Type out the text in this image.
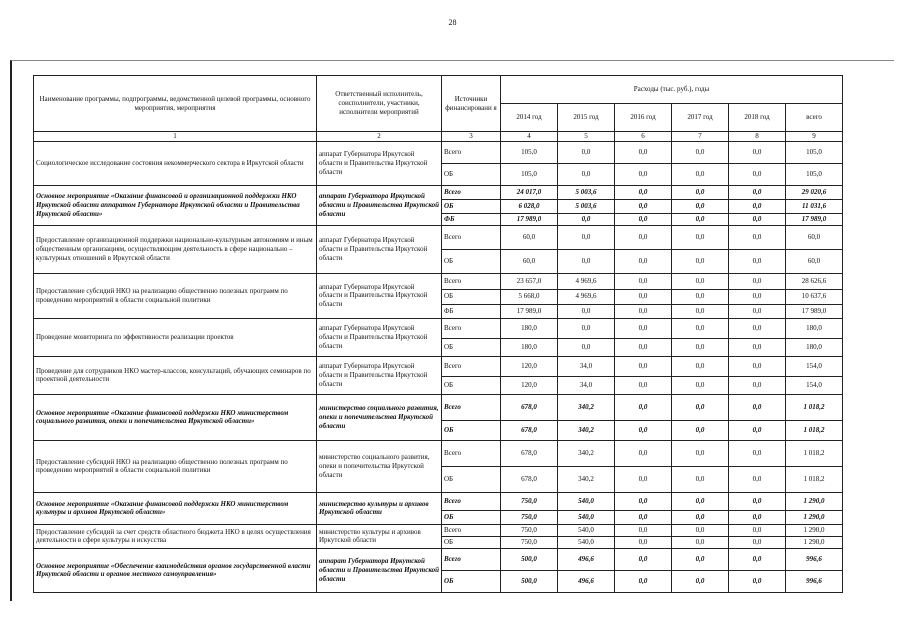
28
Наименование программы, подпрограммы, ведомственной целевой программы, основного мероприятия, мероприятия	Ответственный исполнитель, соисполнители, участники, исполнители мероприятий	Источники финансировани я	Расходы (тыс. руб.), годы					
			2014 год	2015 год	2016 год	2017 год	2018 год	всего
1	2	3	4	5	6	7	8	9
Социологическое исследование состояния некоммерческого сектора в Иркутской области	аппарат Губернатора Иркутской области и Правительства Иркутской области	Всего	105,0	0,0	0,0	0,0	0,0	105,0
		ОБ	105,0	0,0	0,0	0,0	0,0	105,0
Основное мероприятие «Оказание финансовой и организационной поддержки НКО Иркутской области аппаратом Губернатора Иркутской области и Правительства Иркутской области»	аппарат Губернатора Иркутской области и Правительства Иркутской области	Всего	24 017,0	5 003,6	0,0	0,0	0,0	29 020,6
		ОБ	6 028,0	5 003,6	0,0	0,0	0,0	11 031,6
		ФБ	17 989,0	0,0	0,0	0,0	0,0	17 989,0
Предоставление организационной поддержки национально-культурным автономиям и иным общественным организациям, осуществляющим деятельность в сфере национально – культурных отношений в Иркутской области	аппарат Губернатора Иркутской области и Правительства Иркутской области	Всего	60,0	0,0	0,0	0,0	0,0	60,0
		ОБ	60,0	0,0	0,0	0,0	0,0	60,0
Предоставление субсидий НКО на реализацию общественно полезных программ по проведению мероприятий в области социальной политики	аппарат Губернатора Иркутской области и Правительства Иркутской области	Всего	23 657,0	4 969,6	0,0	0,0	0,0	28 626,6
		ОБ	5 668,0	4 969,6	0,0	0,0	0,0	10 637,6
		ФБ	17 989,0	0,0	0,0	0,0	0,0	17 989,0
Проведение мониторинга по эффективности реализации проектов	аппарат Губернатора Иркутской области и Правительства Иркутской области	Всего	180,0	0,0	0,0	0,0	0,0	180,0
		ОБ	180,0	0,0	0,0	0,0	0,0	180,0
Проведение для сотрудников НКО мастер-классов, консультаций, обучающих семинаров по проектной деятельности	аппарат Губернатора Иркутской области и Правительства Иркутской области	Всего	120,0	34,0	0,0	0,0	0,0	154,0
		ОБ	120,0	34,0	0,0	0,0	0,0	154,0
Основное мероприятие «Оказание финансовой поддержки НКО министерством социального развития, опеки и попечительства Иркутской области»	министерство социального развития, опеки и попечительства Иркутской области	Всего	678,0	340,2	0,0	0,0	0,0	1 018,2
		ОБ	678,0	340,2	0,0	0,0	0,0	1 018,2
Предоставление субсидий НКО на реализацию общественно полезных программ по проведению мероприятий в области социальной политики	министерство социального развития, опеки и попечительства Иркутской области	Всего	678,0	340,2	0,0	0,0	0,0	1 018,2
		ОБ	678,0	340,2	0,0	0,0	0,0	1 018,2
Основное мероприятие «Оказание финансовой поддержки НКО министерством культуры и архивов Иркутской области»	министерство культуры и архивов Иркутской области	Всего	750,0	540,0	0,0	0,0	0,0	1 290,0
		ОБ	750,0	540,0	0,0	0,0	0,0	1 290,0
Предоставление субсидий за счет средств областного бюджета НКО в целях осуществления деятельности в сфере культуры и искусства	министерство культуры и архивов Иркутской области	Всего	750,0	540,0	0,0	0,0	0,0	1 290,0
		ОБ	750,0	540,0	0,0	0,0	0,0	1 290,0
Основное мероприятие «Обеспечение взаимодействия органов государственной власти Иркутской области и органов местного самоуправления»	аппарат Губернатора Иркутской области и Правительства Иркутской области	Всего	500,0	496,6	0,0	0,0	0,0	996,6
		ОБ	500,0	496,6	0,0	0,0	0,0	996,6
